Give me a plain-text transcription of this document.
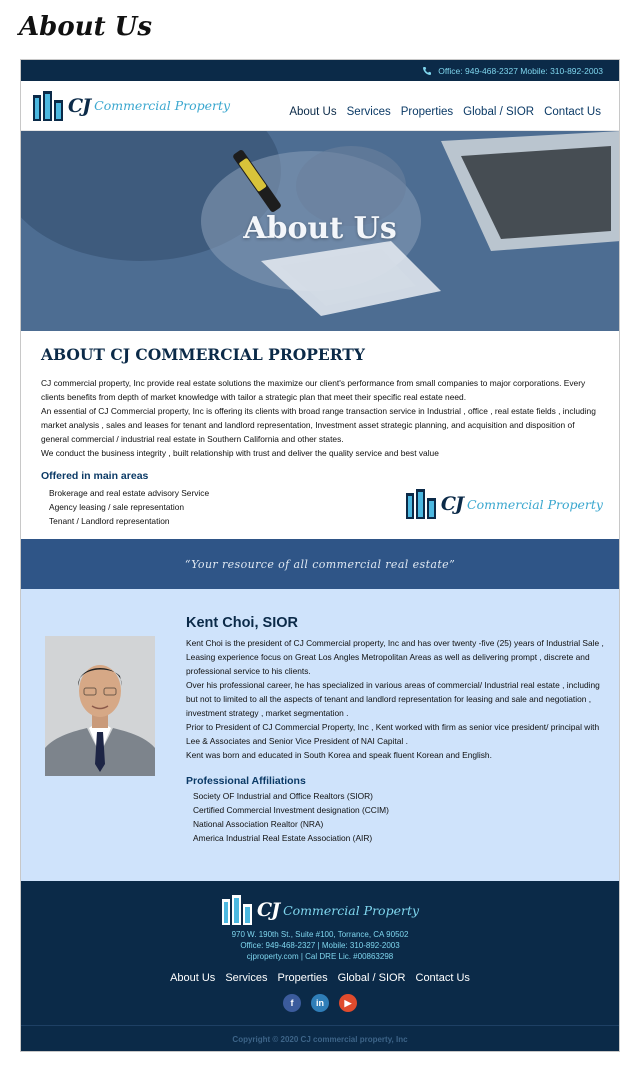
About Us
Office: 949-468-2327 Mobile: 310-892-2003
CJ Commercial Property	About Us Services Properties Global / SIOR Contact Us
About Us
ABOUT CJ COMMERCIAL PROPERTY

CJ commercial property, Inc provide real estate solutions the maximize our client's performance from small companies to major corporations. Every clients benefits from depth of market knowledge with tailor a strategic plan that meet their specific real estate need.

An essential of CJ Commercial property, Inc is offering its clients with broad range transaction service in Industrial , office , real estate fields , including market analysis , sales and leases for tenant and landlord representation, Investment asset strategic planning, and acquisition and disposition of general commercial / industrial real estate in Southern California and other states.

We conduct the business integrity , built relationship with trust and deliver the quality service and best value

Offered in main areas
Brokerage and real estate advisory Service
Agency leasing / sale representation
Tenant / Landlord representation
CJ Commercial Property
“Your resource of all commercial real estate”
Kent Choi, SIOR

Kent Choi is the president of CJ Commercial property, Inc and has over twenty -five (25) years of Industrial Sale , Leasing experience focus on Great Los Angles Metropolitan Areas as well as delivering prompt , discrete and professional service to his clients.

Over his professional career, he has specialized in various areas of commercial/ Industrial real estate , including but not to limited to all the aspects of tenant and landlord representation for leasing and sale and negotiation , investment strategy , market segmentation .

Prior to President of CJ Commercial Property, Inc , Kent worked with firm as senior vice president/ principal with Lee & Associates and Senior Vice President of NAI Capital .

Kent was born and educated in South Korea and speak fluent Korean and English.

Professional Affiliations
Society OF Industrial and Office Realtors (SIOR)
Certified Commercial Investment designation (CCIM)
National Association Realtor (NRA)
America Industrial Real Estate Association (AIR)
CJ Commercial Property
970 W. 190th St., Suite #100, Torrance, CA 90502
Office: 949-468-2327 | Mobile: 310-892-2003
cjproperty.com | Cal DRE Lic. #00863298
About Us Services Properties Global / SIOR Contact Us
f	in	▶
Copyright © 2020 CJ commercial property, Inc
